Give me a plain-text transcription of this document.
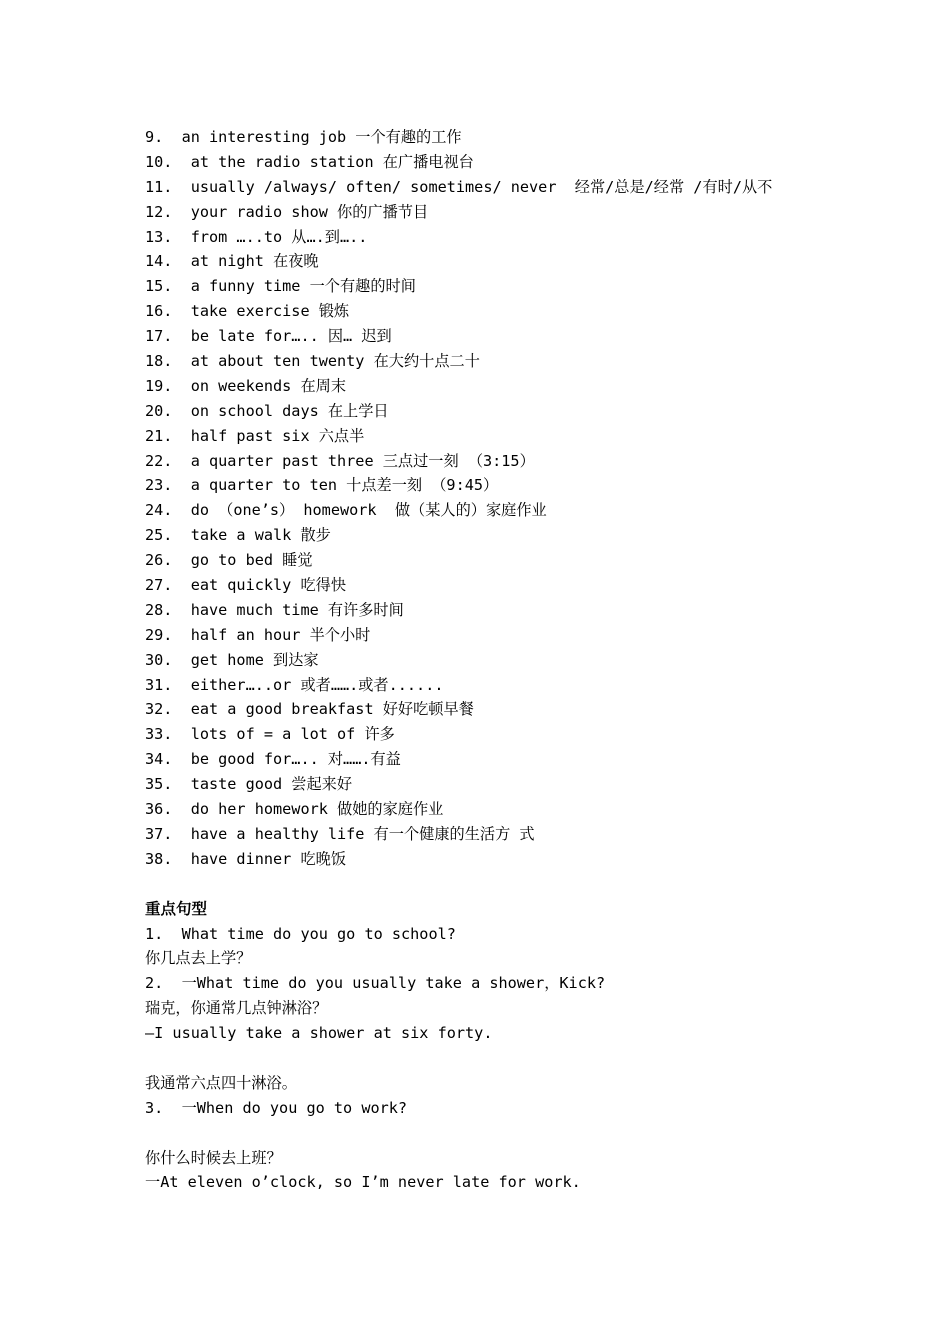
9.  an interesting job 一个有趣的工作
10.  at the radio station 在广播电视台
11.  usually /always/ often/ sometimes/ never  经常/总是/经常 /有时/从不
12.  your radio show 你的广播节目
13.  from …..to 从….到…..
14.  at night 在夜晚
15.  a funny time 一个有趣的时间
16.  take exercise 锻炼
17.  be late for….. 因… 迟到
18.  at about ten twenty 在大约十点二十
19.  on weekends 在周末
20.  on school days 在上学日
21.  half past six 六点半
22.  a quarter past three 三点过一刻 （3:15）
23.  a quarter to ten 十点差一刻 （9:45）
24.  do （one’s） homework  做（某人的）家庭作业
25.  take a walk 散步
26.  go to bed 睡觉
27.  eat quickly 吃得快
28.  have much time 有许多时间
29.  half an hour 半个小时
30.  get home 到达家
31.  either…..or 或者…….或者......
32.  eat a good breakfast 好好吃顿早餐
33.  lots of = a lot of 许多
34.  be good for….. 对…….有益
35.  taste good 尝起来好
36.  do her homework 做她的家庭作业
37.  have a healthy life 有一个健康的生活方 式
38.  have dinner 吃晚饭
重点句型
1.  What time do you go to school?
你几点去上学？
2.  一What time do you usually take a shower，Kick?
瑞克，你通常几点钟淋浴？
—I usually take a shower at six forty.
我通常六点四十淋浴。
3.  一When do you go to work?
你什么时候去上班？
一At eleven o’clock, so I’m never late for work.
